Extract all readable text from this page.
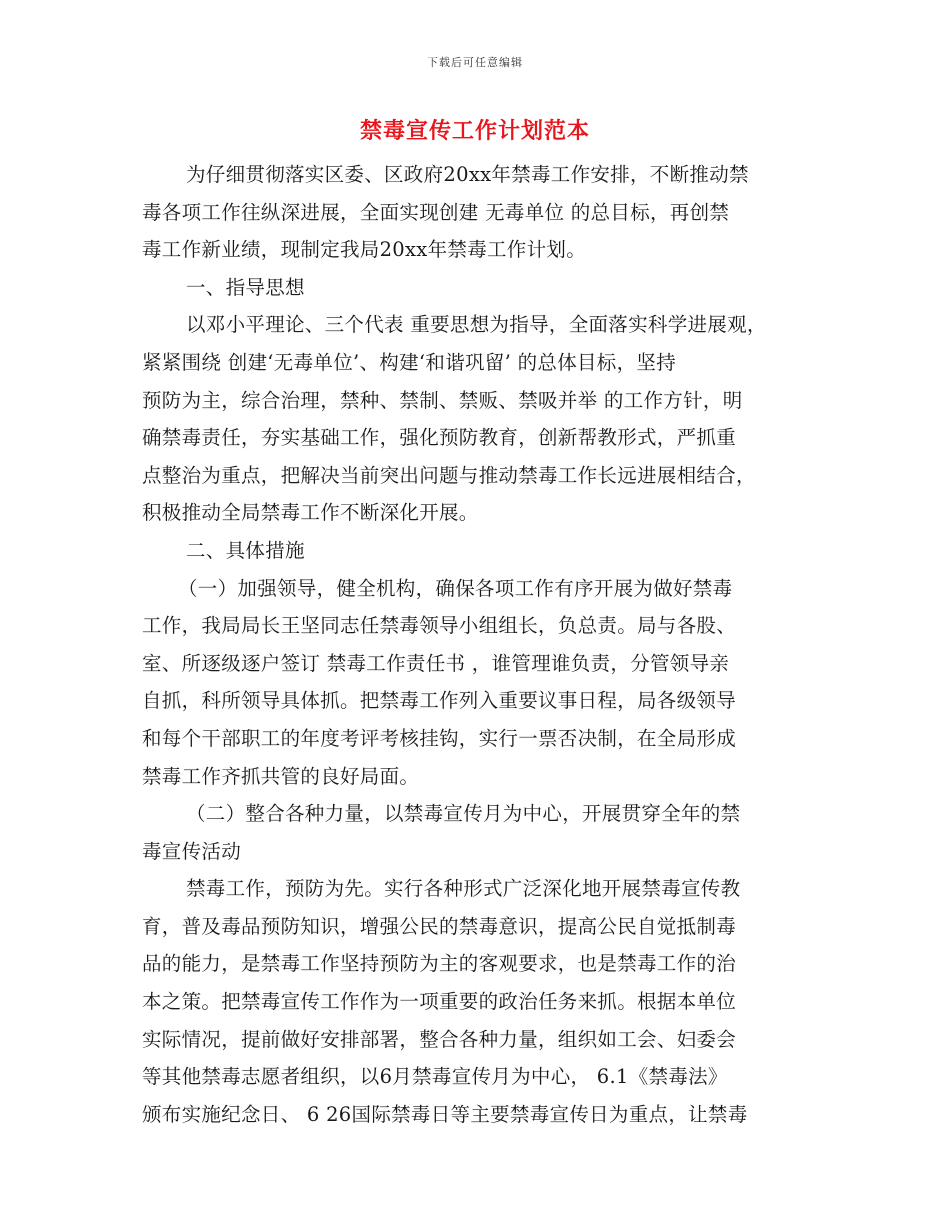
下载后可任意编辑
禁毒宣传工作计划范本
为仔细贯彻落实区委、区政府20xx年禁毒工作安排，不断推动禁
毒各项工作往纵深进展，全面实现创建 无毒单位 的总目标，再创禁
毒工作新业绩，现制定我局20xx年禁毒工作计划。
一、指导思想
以邓小平理论、三个代表 重要思想为指导，全面落实科学进展观，
紧紧围绕 创建‘无毒单位’、构建‘和谐巩留’ 的总体目标，坚持
预防为主，综合治理，禁种、禁制、禁贩、禁吸并举 的工作方针，明
确禁毒责任，夯实基础工作，强化预防教育，创新帮教形式，严抓重
点整治为重点，把解决当前突出问题与推动禁毒工作长远进展相结合，
积极推动全局禁毒工作不断深化开展。
二、具体措施
（一）加强领导，健全机构，确保各项工作有序开展为做好禁毒
工作，我局局长王坚同志任禁毒领导小组组长，负总责。局与各股、
室、所逐级逐户签订 禁毒工作责任书 ，谁管理谁负责，分管领导亲
自抓，科所领导具体抓。把禁毒工作列入重要议事日程，局各级领导
和每个干部职工的年度考评考核挂钩，实行一票否决制，在全局形成
禁毒工作齐抓共管的良好局面。
（二）整合各种力量，以禁毒宣传月为中心，开展贯穿全年的禁
毒宣传活动
禁毒工作，预防为先。实行各种形式广泛深化地开展禁毒宣传教
育，普及毒品预防知识，增强公民的禁毒意识，提高公民自觉抵制毒
品的能力，是禁毒工作坚持预防为主的客观要求，也是禁毒工作的治
本之策。把禁毒宣传工作作为一项重要的政治任务来抓。根据本单位
实际情况，提前做好安排部署，整合各种力量，组织如工会、妇委会
等其他禁毒志愿者组织，以6月禁毒宣传月为中心， 6.1《禁毒法》
颁布实施纪念日、 6 26国际禁毒日等主要禁毒宣传日为重点，让禁毒
